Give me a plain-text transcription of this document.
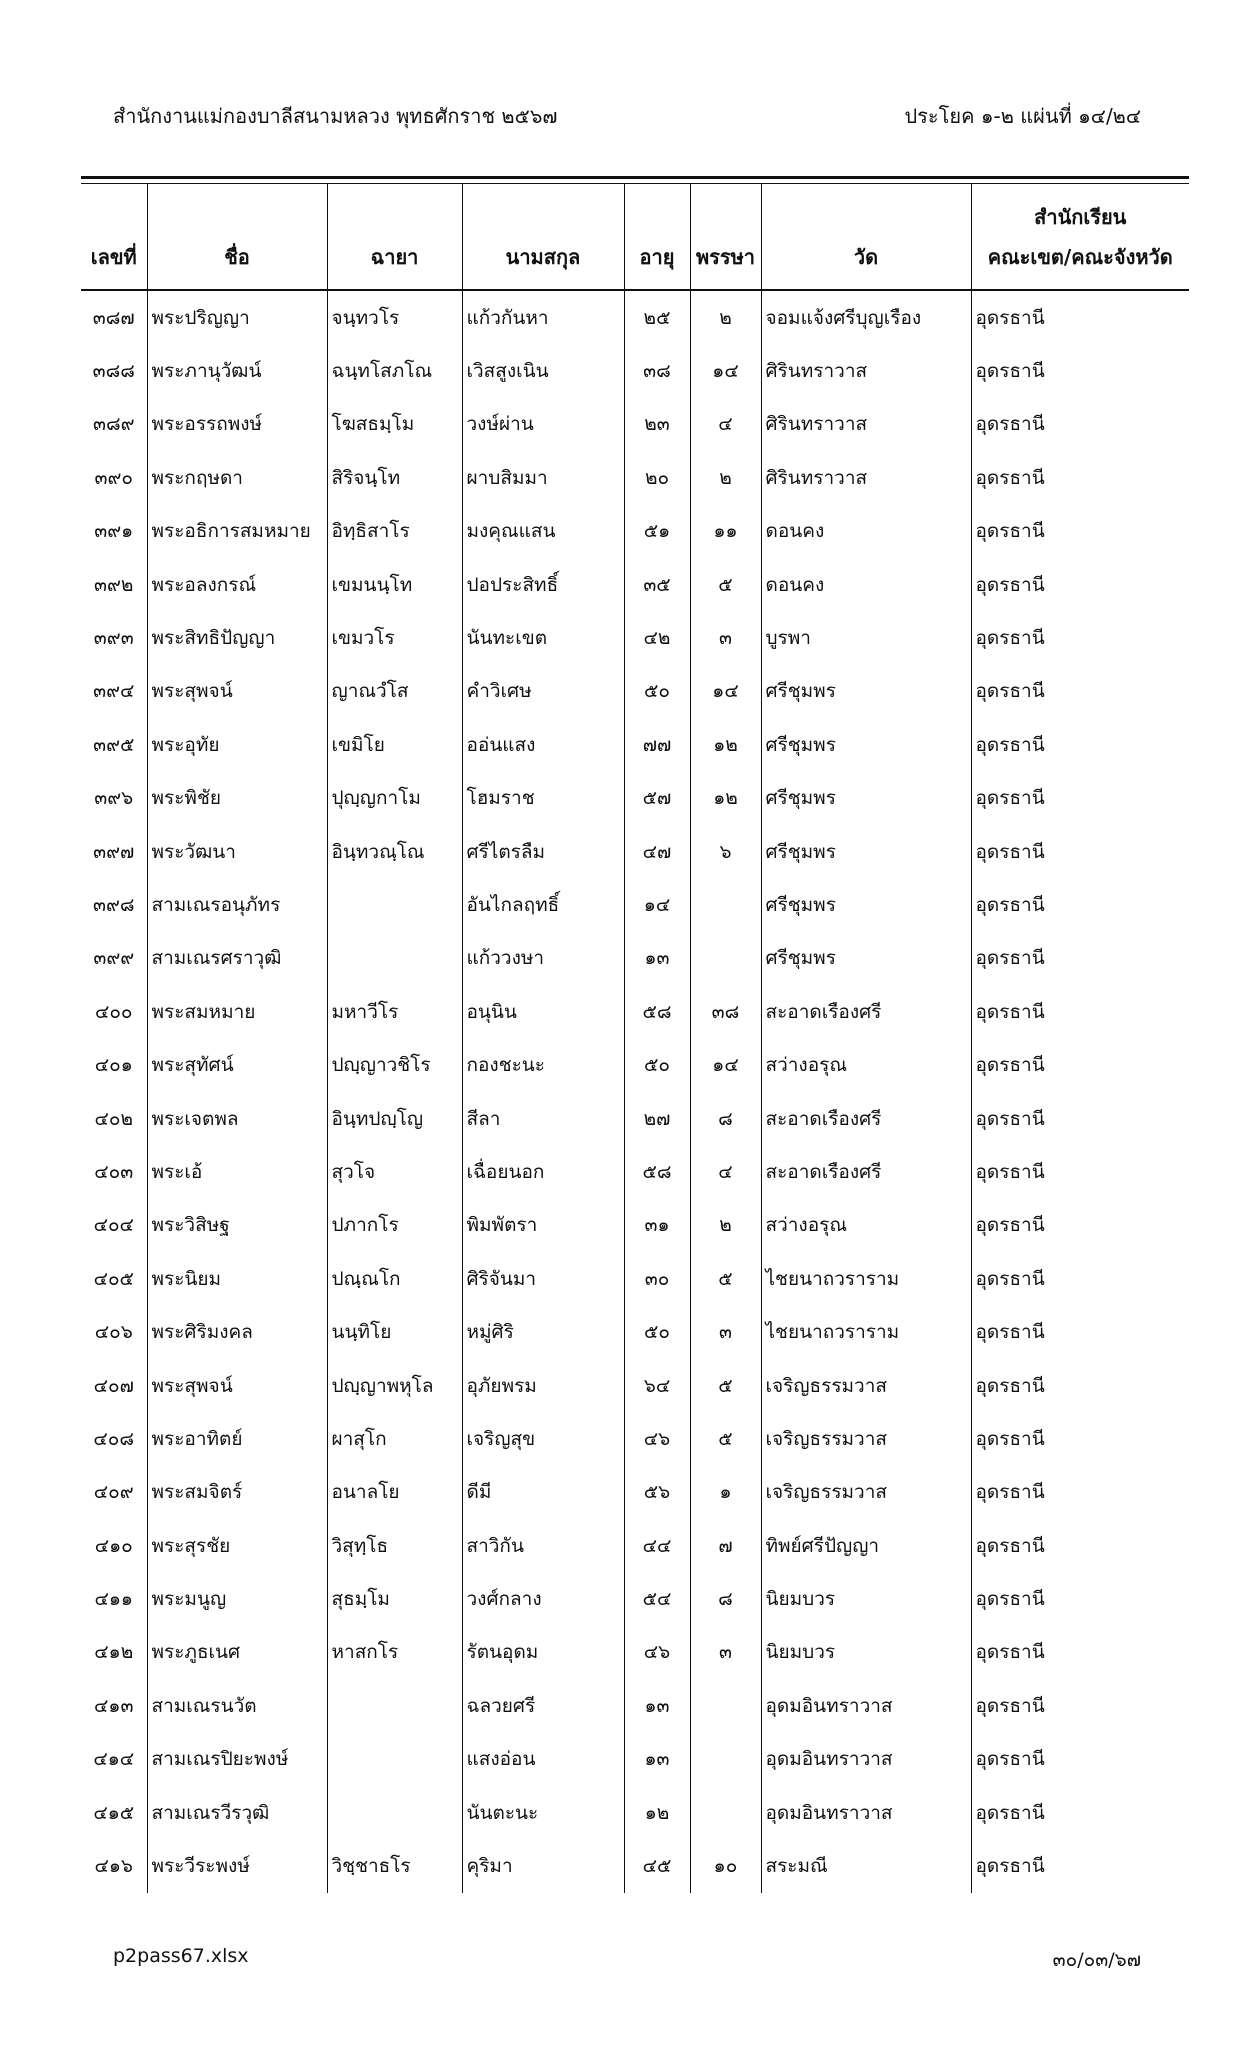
สำนักงานแม่กองบาลีสนามหลวง พุทธศักราช ๒๕๖๗	ประโยค ๑-๒ แผ่นที่ ๑๔/๒๔
เลขที่	ชื่อ	ฉายา	นามสกุล	อายุ	พรรษา	วัด	สำนักเรียน
คณะเขต/คณะจังหวัด

๓๘๗	พระปริญญา	จนฺทวโร	แก้วกันหา	๒๕	๒	จอมแจ้งศรีบุญเรือง	อุดรธานี
๓๘๘	พระภานุวัฒน์	ฉนฺทโสภโณ	เวิสสูงเนิน	๓๘	๑๔	ศิรินทราวาส	อุดรธานี
๓๘๙	พระอรรถพงษ์	โฆสธมฺโม	วงษ์ผ่าน	๒๓	๔	ศิรินทราวาส	อุดรธานี
๓๙๐	พระกฤษดา	สิริจนฺโท	ผาบสิมมา	๒๐	๒	ศิรินทราวาส	อุดรธานี
๓๙๑	พระอธิการสมหมาย	อิทฺธิสาโร	มงคุณแสน	๕๑	๑๑	ดอนคง	อุดรธานี
๓๙๒	พระอลงกรณ์	เขมนนฺโท	ปอประสิทธิ์	๓๕	๕	ดอนคง	อุดรธานี
๓๙๓	พระสิทธิปัญญา	เขมวโร	นันทะเขต	๔๒	๓	บูรพา	อุดรธานี
๓๙๔	พระสุพจน์	ญาณวํโส	คำวิเศษ	๕๐	๑๔	ศรีชุมพร	อุดรธานี
๓๙๕	พระอุทัย	เขมิโย	ออ่นแสง	๗๗	๑๒	ศรีชุมพร	อุดรธานี
๓๙๖	พระพิชัย	ปุญฺญกาโม	โฮมราช	๕๗	๑๒	ศรีชุมพร	อุดรธานี
๓๙๗	พระวัฒนา	อินฺทวณฺโณ	ศรีไตรลืม	๔๗	๖	ศรีชุมพร	อุดรธานี
๓๙๘	สามเณรอนุภัทร		อันไกลฤทธิ์	๑๔		ศรีชุมพร	อุดรธานี
๓๙๙	สามเณรศราวุฒิ		แก้ววงษา	๑๓		ศรีชุมพร	อุดรธานี
๔๐๐	พระสมหมาย	มหาวีโร	อนุนิน	๕๘	๓๘	สะอาดเรืองศรี	อุดรธานี
๔๐๑	พระสุทัศน์	ปญฺญาวชิโร	กองชะนะ	๕๐	๑๔	สว่างอรุณ	อุดรธานี
๔๐๒	พระเจตพล	อินฺทปญฺโญ	สีลา	๒๗	๘	สะอาดเรืองศรี	อุดรธานี
๔๐๓	พระเอ้	สุวโจ	เฉื่อยนอก	๕๘	๔	สะอาดเรืองศรี	อุดรธานี
๔๐๔	พระวิสิษฐ	ปภากโร	พิมพัตรา	๓๑	๒	สว่างอรุณ	อุดรธานี
๔๐๕	พระนิยม	ปณฺณโก	ศิริจันมา	๓๐	๕	ไชยนาถวราราม	อุดรธานี
๔๐๖	พระศิริมงคล	นนฺทิโย	หมู่ศิริ	๕๐	๓	ไชยนาถวราราม	อุดรธานี
๔๐๗	พระสุพจน์	ปญฺญาพหุโล	อุภัยพรม	๖๔	๕	เจริญธรรมวาส	อุดรธานี
๔๐๘	พระอาทิตย์	ผาสุโก	เจริญสุข	๔๖	๕	เจริญธรรมวาส	อุดรธานี
๔๐๙	พระสมจิตร์	อนาลโย	ดีมี	๕๖	๑	เจริญธรรมวาส	อุดรธานี
๔๑๐	พระสุรชัย	วิสุทฺโธ	สาวิกัน	๔๔	๗	ทิพย์ศรีปัญญา	อุดรธานี
๔๑๑	พระมนูญ	สุธมฺโม	วงศ์กลาง	๕๔	๘	นิยมบวร	อุดรธานี
๔๑๒	พระภูธเนศ	หาสกโร	รัตนอุดม	๔๖	๓	นิยมบวร	อุดรธานี
๔๑๓	สามเณรนวัต		ฉลวยศรี	๑๓		อุดมอินทราวาส	อุดรธานี
๔๑๔	สามเณรปิยะพงษ์		แสงอ่อน	๑๓		อุดมอินทราวาส	อุดรธานี
๔๑๕	สามเณรวีรวุฒิ		นันตะนะ	๑๒		อุดมอินทราวาส	อุดรธานี
๔๑๖	พระวีระพงษ์	วิชฺชาธโร	คุริมา	๔๕	๑๐	สระมณี	อุดรธานี
p2pass67.xlsx	๓๐/๐๓/๖๗
